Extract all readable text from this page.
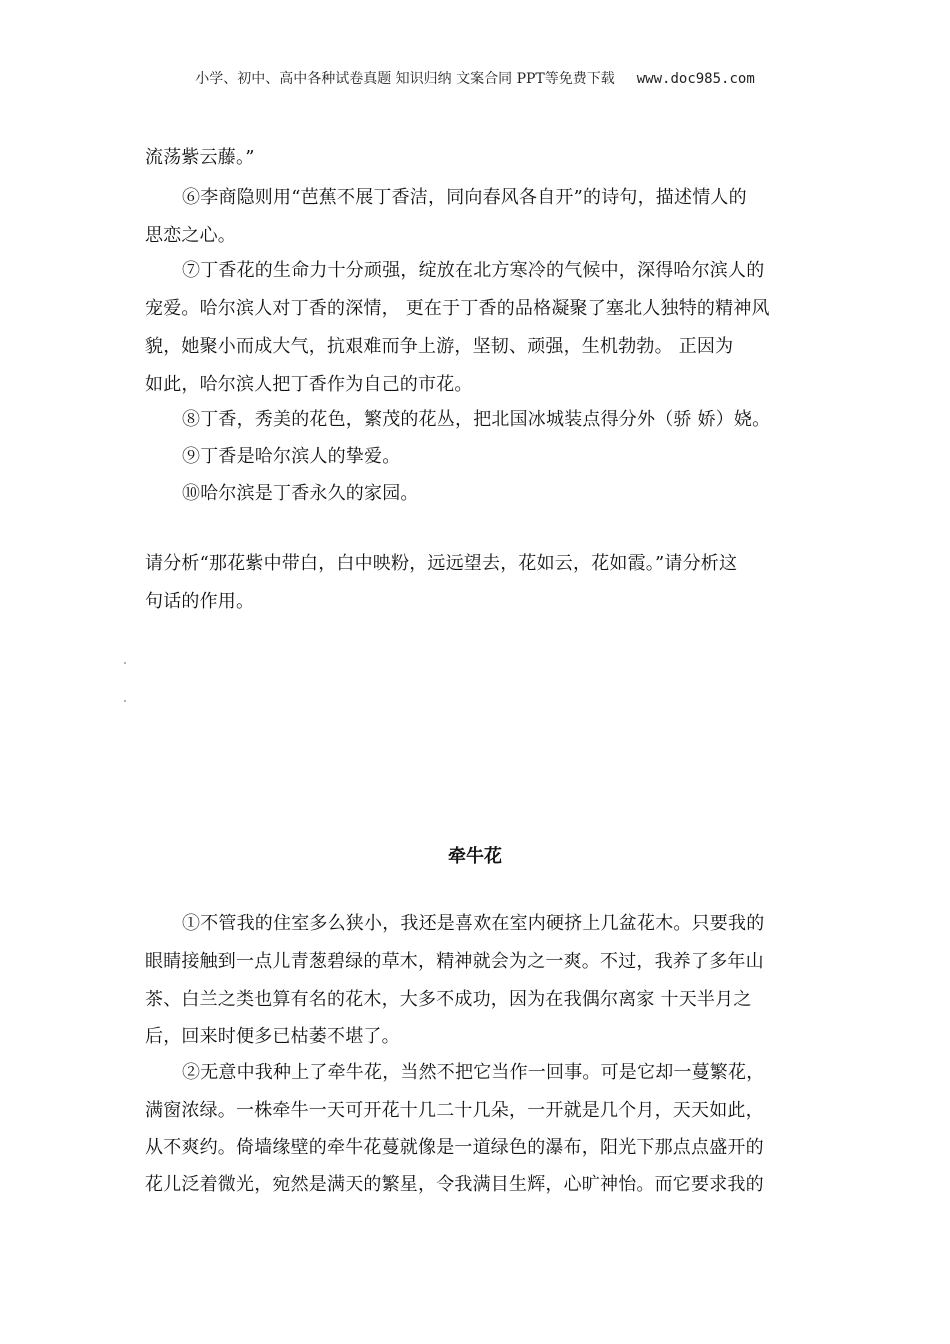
小学、初中、高中各种试卷真题 知识归纳 文案合同 PPT等免费下载 www.doc985.com
流荡紫云藤。”
⑥李商隐则用“芭蕉不展丁香洁，同向春风各自开”的诗句，描述情人的
思恋之心。
⑦丁香花的生命力十分顽强，绽放在北方寒冷的气候中，深得哈尔滨人的
宠爱。哈尔滨人对丁香的深情， 更在于丁香的品格凝聚了塞北人独特的精神风
貌，她聚小而成大气，抗艰难而争上游，坚韧、顽强，生机勃勃。 正因为
如此，哈尔滨人把丁香作为自己的市花。
⑧丁香，秀美的花色，繁茂的花丛，把北国冰城装点得分外（骄 娇）娆。
⑨丁香是哈尔滨人的挚爱。
⑩哈尔滨是丁香永久的家园。
请分析“那花紫中带白，白中映粉，远远望去，花如云，花如霞。”请分析这
句话的作用。
牵牛花
①不管我的住室多么狭小，我还是喜欢在室内硬挤上几盆花木。只要我的
眼睛接触到一点儿青葱碧绿的草木，精神就会为之一爽。不过，我养了多年山
茶、白兰之类也算有名的花木，大多不成功，因为在我偶尔离家 十天半月之
后，回来时便多已枯萎不堪了。
②无意中我种上了牵牛花，当然不把它当作一回事。可是它却一蔓繁花，
满窗浓绿。一株牵牛一天可开花十几二十几朵，一开就是几个月，天天如此，
从不爽约。倚墙缘壁的牵牛花蔓就像是一道绿色的瀑布，阳光下那点点盛开的
花儿泛着微光，宛然是满天的繁星，令我满目生辉，心旷神怡。而它要求我的
